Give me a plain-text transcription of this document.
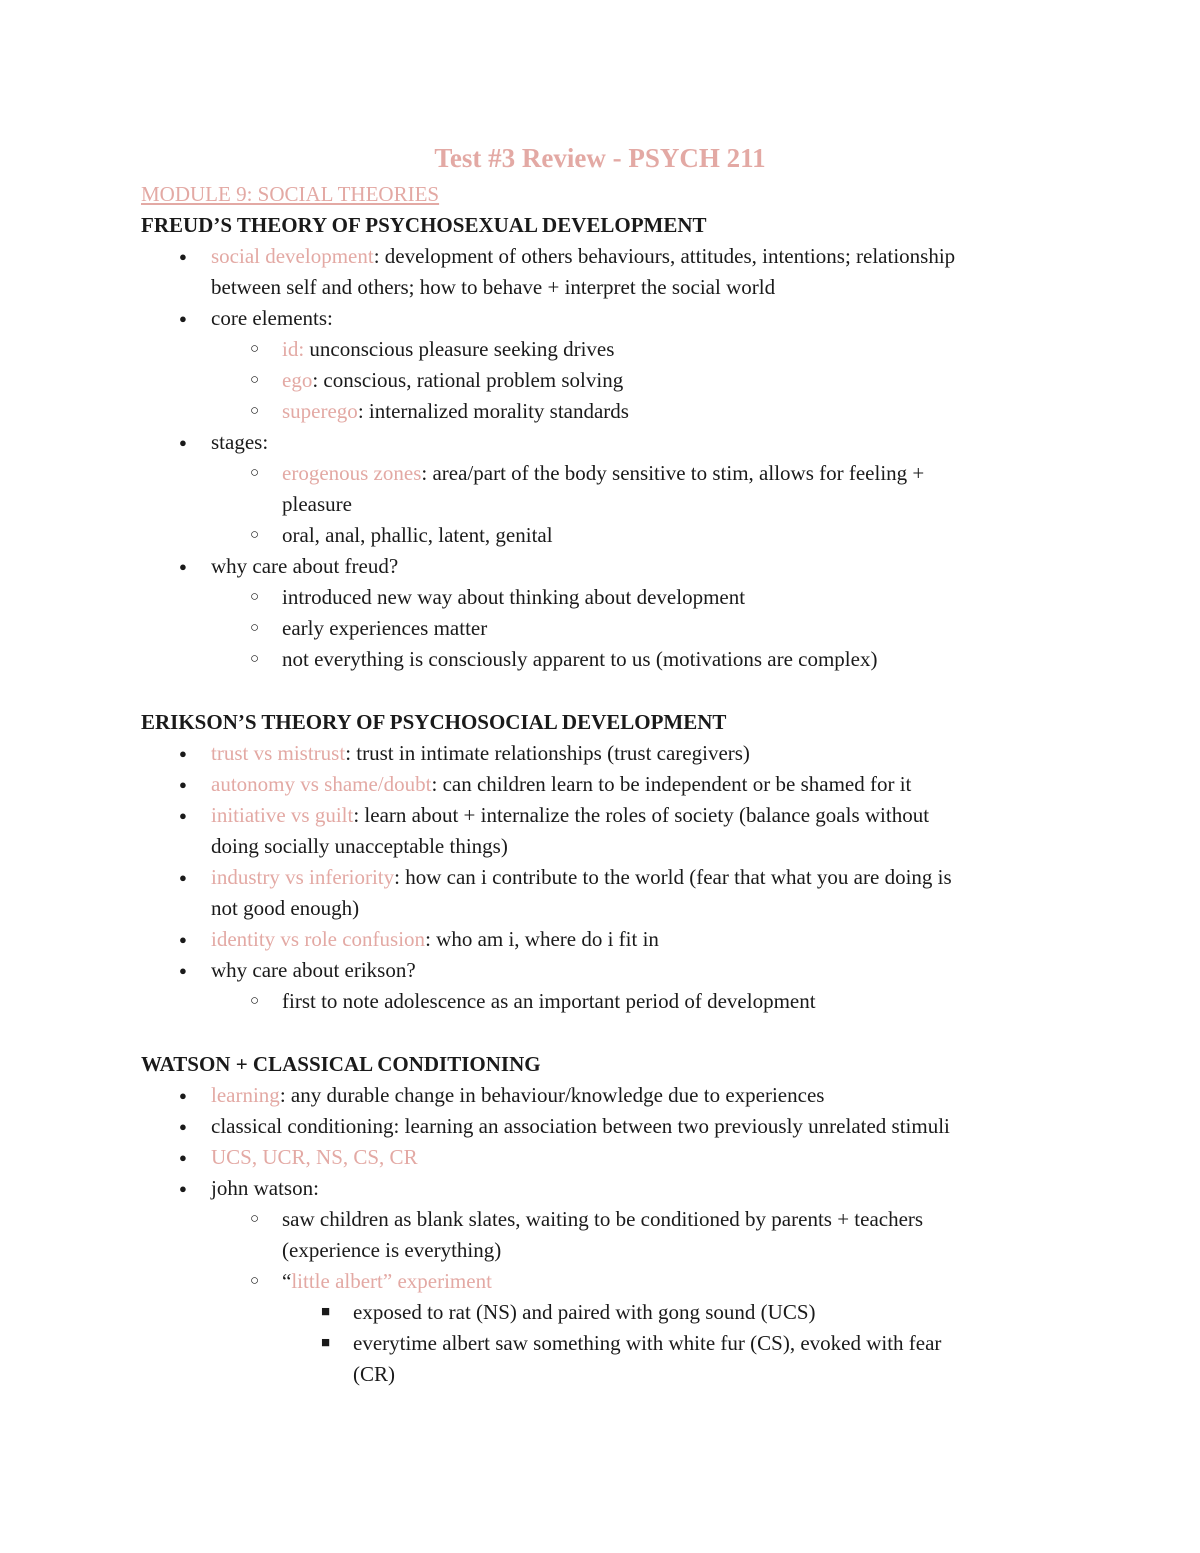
Test #3 Review - PSYCH 211
MODULE 9: SOCIAL THEORIES
FREUD’S THEORY OF PSYCHOSEXUAL DEVELOPMENT
● social development: development of others behaviours, attitudes, intentions; relationship
between self and others; how to behave + interpret the social world
● core elements:
○ id: unconscious pleasure seeking drives
○ ego: conscious, rational problem solving
○ superego: internalized morality standards
● stages:
○ erogenous zones: area/part of the body sensitive to stim, allows for feeling +
pleasure
○ oral, anal, phallic, latent, genital
● why care about freud?
○ introduced new way about thinking about development
○ early experiences matter
○ not everything is consciously apparent to us (motivations are complex)
ERIKSON’S THEORY OF PSYCHOSOCIAL DEVELOPMENT
● trust vs mistrust: trust in intimate relationships (trust caregivers)
● autonomy vs shame/doubt: can children learn to be independent or be shamed for it
● initiative vs guilt: learn about + internalize the roles of society (balance goals without
doing socially unacceptable things)
● industry vs inferiority: how can i contribute to the world (fear that what you are doing is
not good enough)
● identity vs role confusion: who am i, where do i fit in
● why care about erikson?
○ first to note adolescence as an important period of development
WATSON + CLASSICAL CONDITIONING
● learning: any durable change in behaviour/knowledge due to experiences
● classical conditioning: learning an association between two previously unrelated stimuli
● UCS, UCR, NS, CS, CR
● john watson:
○ saw children as blank slates, waiting to be conditioned by parents + teachers
(experience is everything)
○ “little albert” experiment
■ exposed to rat (NS) and paired with gong sound (UCS)
■ everytime albert saw something with white fur (CS), evoked with fear
(CR)
